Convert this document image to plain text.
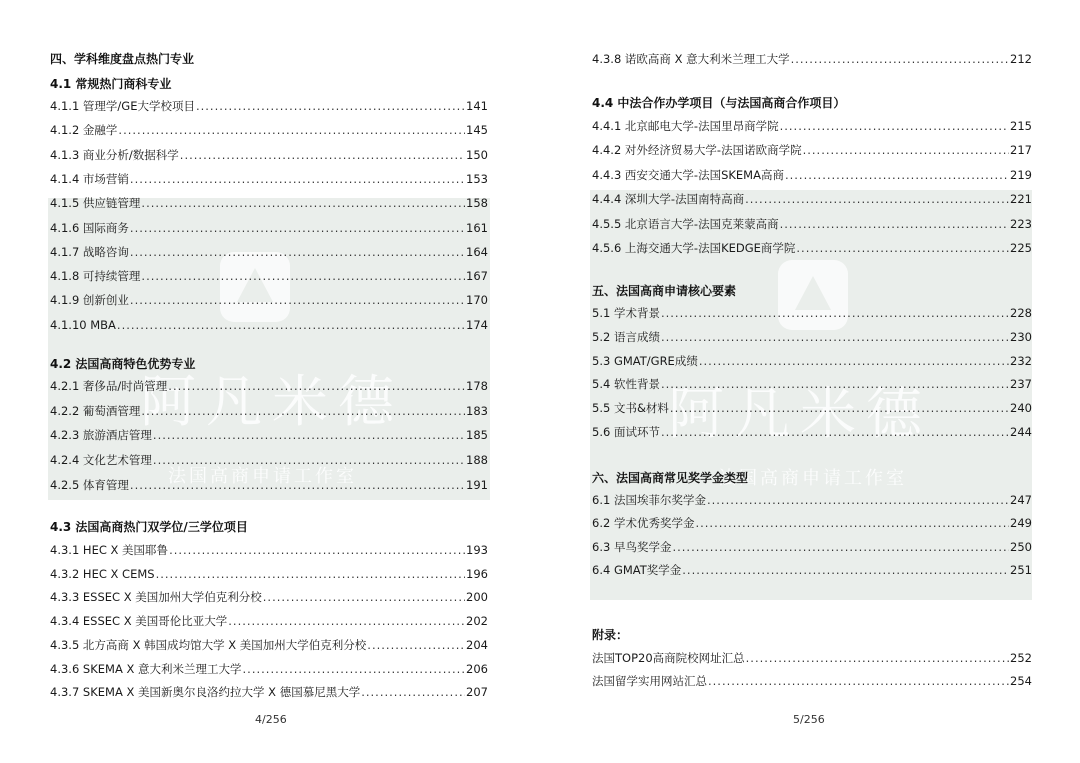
阿凡米德
法国高商申请工作室
四、学科维度盘点热门专业
4.1 常规热门商科专业
4.1.1 管理学/GE大学校项目 .....	141
4.1.2 金融学 .....	145
4.1.3 商业分析/数据科学 .....	150
4.1.4 市场营销 .....	153
4.1.5 供应链管理 .....	158
4.1.6 国际商务 .....	161
4.1.7 战略咨询 .....	164
4.1.8 可持续管理 .....	167
4.1.9 创新创业 .....	170
4.1.10 MBA .....	174
4.2 法国高商特色优势专业
4.2.1 奢侈品/时尚管理 .....	178
4.2.2 葡萄酒管理 .....	183
4.2.3 旅游酒店管理 .....	185
4.2.4 文化艺术管理 .....	188
4.2.5 体育管理 .....	191
4.3 法国高商热门双学位/三学位项目
4.3.1 HEC X 美国耶鲁 .....	193
4.3.2 HEC X CEMS .....	196
4.3.3 ESSEC X 美国加州大学伯克利分校 .....	200
4.3.4 ESSEC X 美国哥伦比亚大学 .....	202
4.3.5 北方高商 X 韩国成均馆大学 X 美国加州大学伯克利分校 .....	204
4.3.6 SKEMA X 意大利米兰理工大学 .....	206
4.3.7 SKEMA X 美国新奥尔良洛约拉大学 X 德国慕尼黑大学 .....	207
4/256
阿凡米德
法国高商申请工作室
4.3.8 诺欧高商 X 意大利米兰理工大学 .....	212
4.4 中法合作办学项目（与法国高商合作项目）
4.4.1 北京邮电大学-法国里昂商学院 .....	215
4.4.2 对外经济贸易大学-法国诺欧商学院 .....	217
4.4.3 西安交通大学-法国SKEMA高商 .....	219
4.4.4 深圳大学-法国南特高商 .....	221
4.5.5 北京语言大学-法国克莱蒙高商 .....	223
4.5.6 上海交通大学-法国KEDGE商学院 .....	225
五、法国高商申请核心要素
5.1 学术背景 .....	228
5.2 语言成绩 .....	230
5.3 GMAT/GRE成绩 .....	232
5.4 软性背景 .....	237
5.5 文书&材料 .....	240
5.6 面试环节 .....	244
六、法国高商常见奖学金类型
6.1 法国埃菲尔奖学金 .....	247
6.2 学术优秀奖学金 .....	249
6.3 早鸟奖学金 .....	250
6.4 GMAT奖学金 .....	251
附录：
法国TOP20高商院校网址汇总 .....	252
法国留学实用网站汇总 .....	254
5/256
